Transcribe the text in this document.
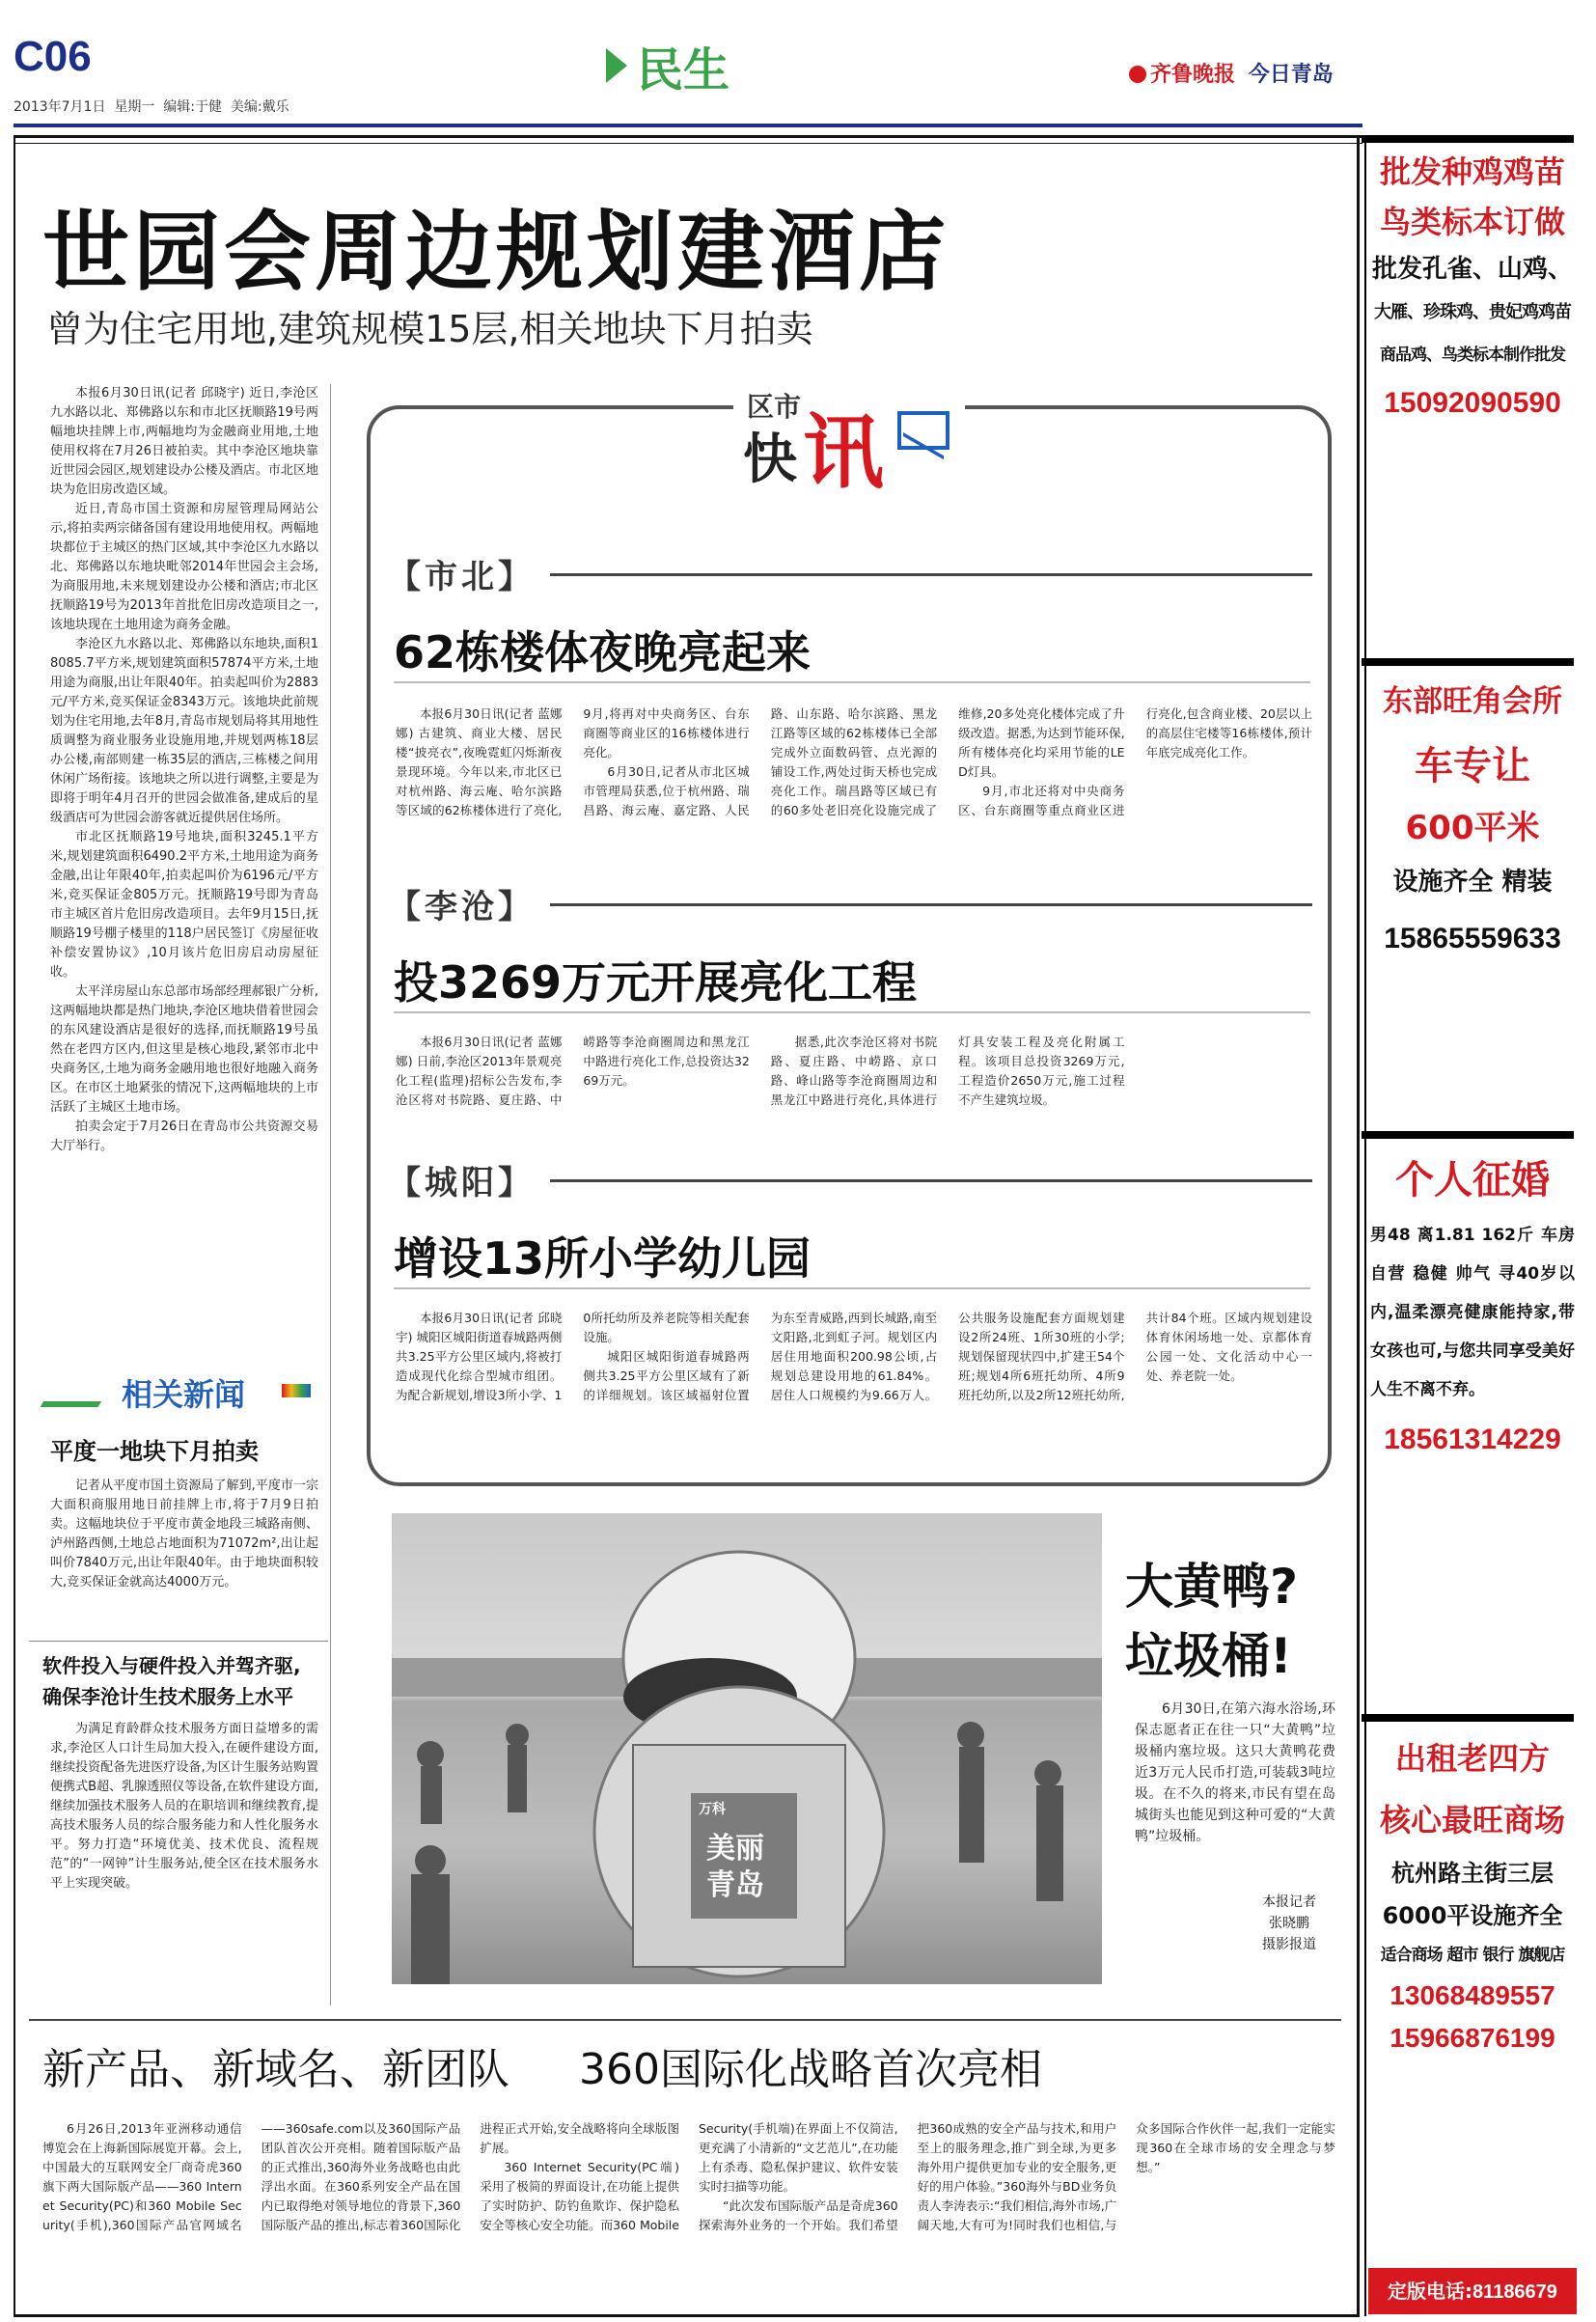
C06
2013年7月1日 星期一 编辑:于健 美编:戴乐
民生	齐鲁晚报 今日青岛
世园会周边规划建酒店
曾为住宅用地,建筑规模15层,相关地块下月拍卖

本报6月30日讯(记者 邱晓宇) 近日,李沧区九水路以北、郑佛路以东和市北区抚顺路19号两幅地块挂牌上市,两幅地均为金融商业用地,土地使用权将在7月26日被拍卖。其中李沧区地块靠近世园会园区,规划建设办公楼及酒店。市北区地块为危旧房改造区域。

近日,青岛市国土资源和房屋管理局网站公示,将拍卖两宗储备国有建设用地使用权。两幅地块都位于主城区的热门区域,其中李沧区九水路以北、郑佛路以东地块毗邻2014年世园会主会场,为商服用地,未来规划建设办公楼和酒店;市北区抚顺路19号为2013年首批危旧房改造项目之一,该地块现在土地用途为商务金融。

李沧区九水路以北、郑佛路以东地块,面积18085.7平方米,规划建筑面积57874平方米,土地用途为商服,出让年限40年。拍卖起叫价为2883元/平方米,竞买保证金8343万元。该地块此前规划为住宅用地,去年8月,青岛市规划局将其用地性质调整为商业服务业设施用地,并规划两栋18层办公楼,南部则建一栋35层的酒店,三栋楼之间用休闲广场衔接。该地块之所以进行调整,主要是为即将于明年4月召开的世园会做准备,建成后的星级酒店可为世园会游客就近提供居住场所。

市北区抚顺路19号地块,面积3245.1平方米,规划建筑面积6490.2平方米,土地用途为商务金融,出让年限40年,拍卖起叫价为6196元/平方米,竞买保证金805万元。抚顺路19号即为青岛市主城区首片危旧房改造项目。去年9月15日,抚顺路19号棚子楼里的118户居民签订《房屋征收补偿安置协议》,10月该片危旧房启动房屋征收。

太平洋房屋山东总部市场部经理郝银广分析,这两幅地块都是热门地块,李沧区地块借着世园会的东风建设酒店是很好的选择,而抚顺路19号虽然在老四方区内,但这里是核心地段,紧邻市北中央商务区,土地为商务金融用地也很好地融入商务区。在市区土地紧张的情况下,这两幅地块的上市活跃了主城区土地市场。

拍卖会定于7月26日在青岛市公共资源交易大厅举行。

相关新闻
平度一地块下月拍卖

记者从平度市国土资源局了解到,平度市一宗大面积商服用地日前挂牌上市,将于7月9日拍卖。这幅地块位于平度市黄金地段三城路南侧、泸州路西侧,土地总占地面积为71072m²,出让起叫价7840万元,出让年限40年。由于地块面积较大,竞买保证金就高达4000万元。

软件投入与硬件投入并驾齐驱,
确保李沧计生技术服务上水平

为满足育龄群众技术服务方面日益增多的需求,李沧区人口计生局加大投入,在硬件建设方面,继续投资配备先进医疗设备,为区计生服务站购置便携式B超、乳腺透照仪等设备,在软件建设方面,继续加强技术服务人员的在职培训和继续教育,提高技术服务人员的综合服务能力和人性化服务水平。努力打造“环境优美、技术优良、流程规范”的“一网钟”计生服务站,使全区在技术服务水平上实现突破。

区市
快 讯
【市北】
62栋楼体夜晚亮起来

本报6月30日讯(记者 蓝娜娜) 古建筑、商业大楼、居民楼“披亮衣”,夜晚霓虹闪烁渐夜景现环境。今年以来,市北区已对杭州路、海云庵、哈尔滨路等区域的62栋楼体进行了亮化,9月,将再对中央商务区、台东商圈等商业区的16栋楼体进行亮化。

6月30日,记者从市北区城市管理局获悉,位于杭州路、瑞昌路、海云庵、嘉定路、人民路、山东路、哈尔滨路、黑龙江路等区域的62栋楼体已全部完成外立面数码管、点光源的铺设工作,两处过街天桥也完成亮化工作。瑞昌路等区域已有的60多处老旧亮化设施完成了维修,20多处亮化楼体完成了升级改造。据悉,为达到节能环保,所有楼体亮化均采用节能的LED灯具。

9月,市北还将对中央商务区、台东商圈等重点商业区进行亮化,包含商业楼、20层以上的高层住宅楼等16栋楼体,预计年底完成亮化工作。

【李沧】
投3269万元开展亮化工程

本报6月30日讯(记者 蓝娜娜) 日前,李沧区2013年景观亮化工程(监理)招标公告发布,李沧区将对书院路、夏庄路、中崂路等李沧商圈周边和黑龙江中路进行亮化工作,总投资达3269万元。

据悉,此次李沧区将对书院路、夏庄路、中崂路、京口路、峰山路等李沧商圈周边和黑龙江中路进行亮化,具体进行灯具安装工程及亮化附属工程。该项目总投资3269万元,工程造价2650万元,施工过程不产生建筑垃圾。

【城阳】
增设13所小学幼儿园

本报6月30日讯(记者 邱晓宇) 城阳区城阳街道春城路两侧共3.25平方公里区域内,将被打造成现代化综合型城市组团。为配合新规划,增设3所小学、10所托幼所及养老院等相关配套设施。

城阳区城阳街道春城路两侧共3.25平方公里区域有了新的详细规划。该区域福射位置为东至青威路,西到长城路,南至文阳路,北到虹子河。规划区内居住用地面积200.98公顷,占规划总建设用地的61.84%。居住人口规模约为9.66万人。公共服务设施配套方面规划建设2所24班、1所30班的小学;规划保留现状四中,扩建王54个班;规划4所6班托幼所、4所9班托幼所,以及2所12班托幼所,共计84个班。区域内规划建设体育休闲场地一处、京都体育公园一处、文化活动中心一处、养老院一处。

万科
美丽
青岛
大黄鸭?
垃圾桶!

6月30日,在第六海水浴场,环保志愿者正在往一只“大黄鸭”垃圾桶内塞垃圾。这只大黄鸭花费近3万元人民币打造,可装载3吨垃圾。在不久的将来,市民有望在岛城街头也能见到这种可爱的“大黄鸭”垃圾桶。

本报记者
张晓鹏
摄影报道
新产品、新域名、新团队 360国际化战略首次亮相

6月26日,2013年亚洲移动通信博览会在上海新国际展览开幕。会上,中国最大的互联网安全厂商奇虎360旗下两大国际版产品——360 Internet Security(PC)和360 Mobile Security(手机),360国际产品官网域名——360safe.com以及360国际产品团队首次公开亮相。随着国际版产品的正式推出,360海外业务战略也由此浮出水面。在360系列安全产品在国内已取得绝对领导地位的背景下,360国际版产品的推出,标志着360国际化进程正式开始,安全战略将向全球版图扩展。

360 Internet Security(PC端)采用了极简的界面设计,在功能上提供了实时防护、防钓鱼欺诈、保护隐私安全等核心安全功能。而360 Mobile Security(手机端)在界面上不仅简洁,更充满了小清新的“文艺范儿”,在功能上有杀毒、隐私保护建议、软件安装实时扫描等功能。

“此次发布国际版产品是奇虎360探索海外业务的一个开始。我们希望把360成熟的安全产品与技术,和用户至上的服务理念,推广到全球,为更多海外用户提供更加专业的安全服务,更好的用户体验。”360海外与BD业务负责人李涛表示:“我们相信,海外市场,广阔天地,大有可为!同时我们也相信,与众多国际合作伙伴一起,我们一定能实现360在全球市场的安全理念与梦想。”

批发种鸡鸡苗
鸟类标本订做
批发孔雀、山鸡、
大雁、珍珠鸡、贵妃鸡鸡苗
商品鸡、鸟类标本制作批发
15092090590
东部旺角会所
车专让
600平米
设施齐全 精装
15865559633
个人征婚
男48 离1.81 162斤 车房自营 稳健 帅气 寻40岁以内,温柔漂亮健康能持家,带女孩也可,与您共同享受美好人生不离不弃。
18561314229
出租老四方
核心最旺商场
杭州路主街三层
6000平设施齐全
适合商场 超市 银行 旗舰店
13068489557
15966876199
定版电话:81186679
